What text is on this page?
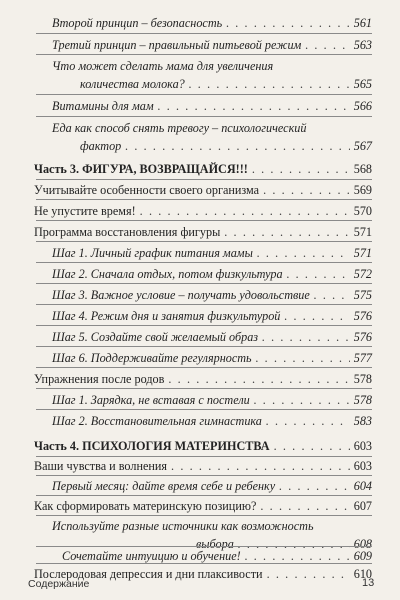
Второй принцип – безопасность . . .	561
Третий принцип – правильный питьевой режим . . .	563
Что может сделать мама для увеличения
количества молока? . . .	565
Витамины для мам . . .	566
Еда как способ снять тревогу – психологический
фактор . . .	567
Часть 3. ФИГУРА, ВОЗВРАЩАЙСЯ!!! . . .	568
Учитывайте особенности своего организма . . .	569
Не упустите время! . . .	570
Программа восстановления фигуры . . .	571
Шаг 1. Личный график питания мамы . . .	571
Шаг 2. Сначала отдых, потом физкультура . . .	572
Шаг 3. Важное условие – получать удовольствие . . .	575
Шаг 4. Режим дня и занятия физкультурой . . .	576
Шаг 5. Создайте свой желаемый образ . . .	576
Шаг 6. Поддерживайте регулярность . . .	577
Упражнения после родов . . .	578
Шаг 1. Зарядка, не вставая с постели . . .	578
Шаг 2. Восстановительная гимнастика . . .	583
Часть 4. ПСИХОЛОГИЯ МАТЕРИНСТВА . . .	603
Ваши чувства и волнения . . .	603
Первый месяц: дайте время себе и ребенку . . .	604
Как сформировать материнскую позицию? . . .	607
Используйте разные источники как возможность
выбора . . .	608
Сочетайте интуицию и обучение! . . .	609
Послеродовая депрессия и дни плаксивости . . .	610
Содержание	13
